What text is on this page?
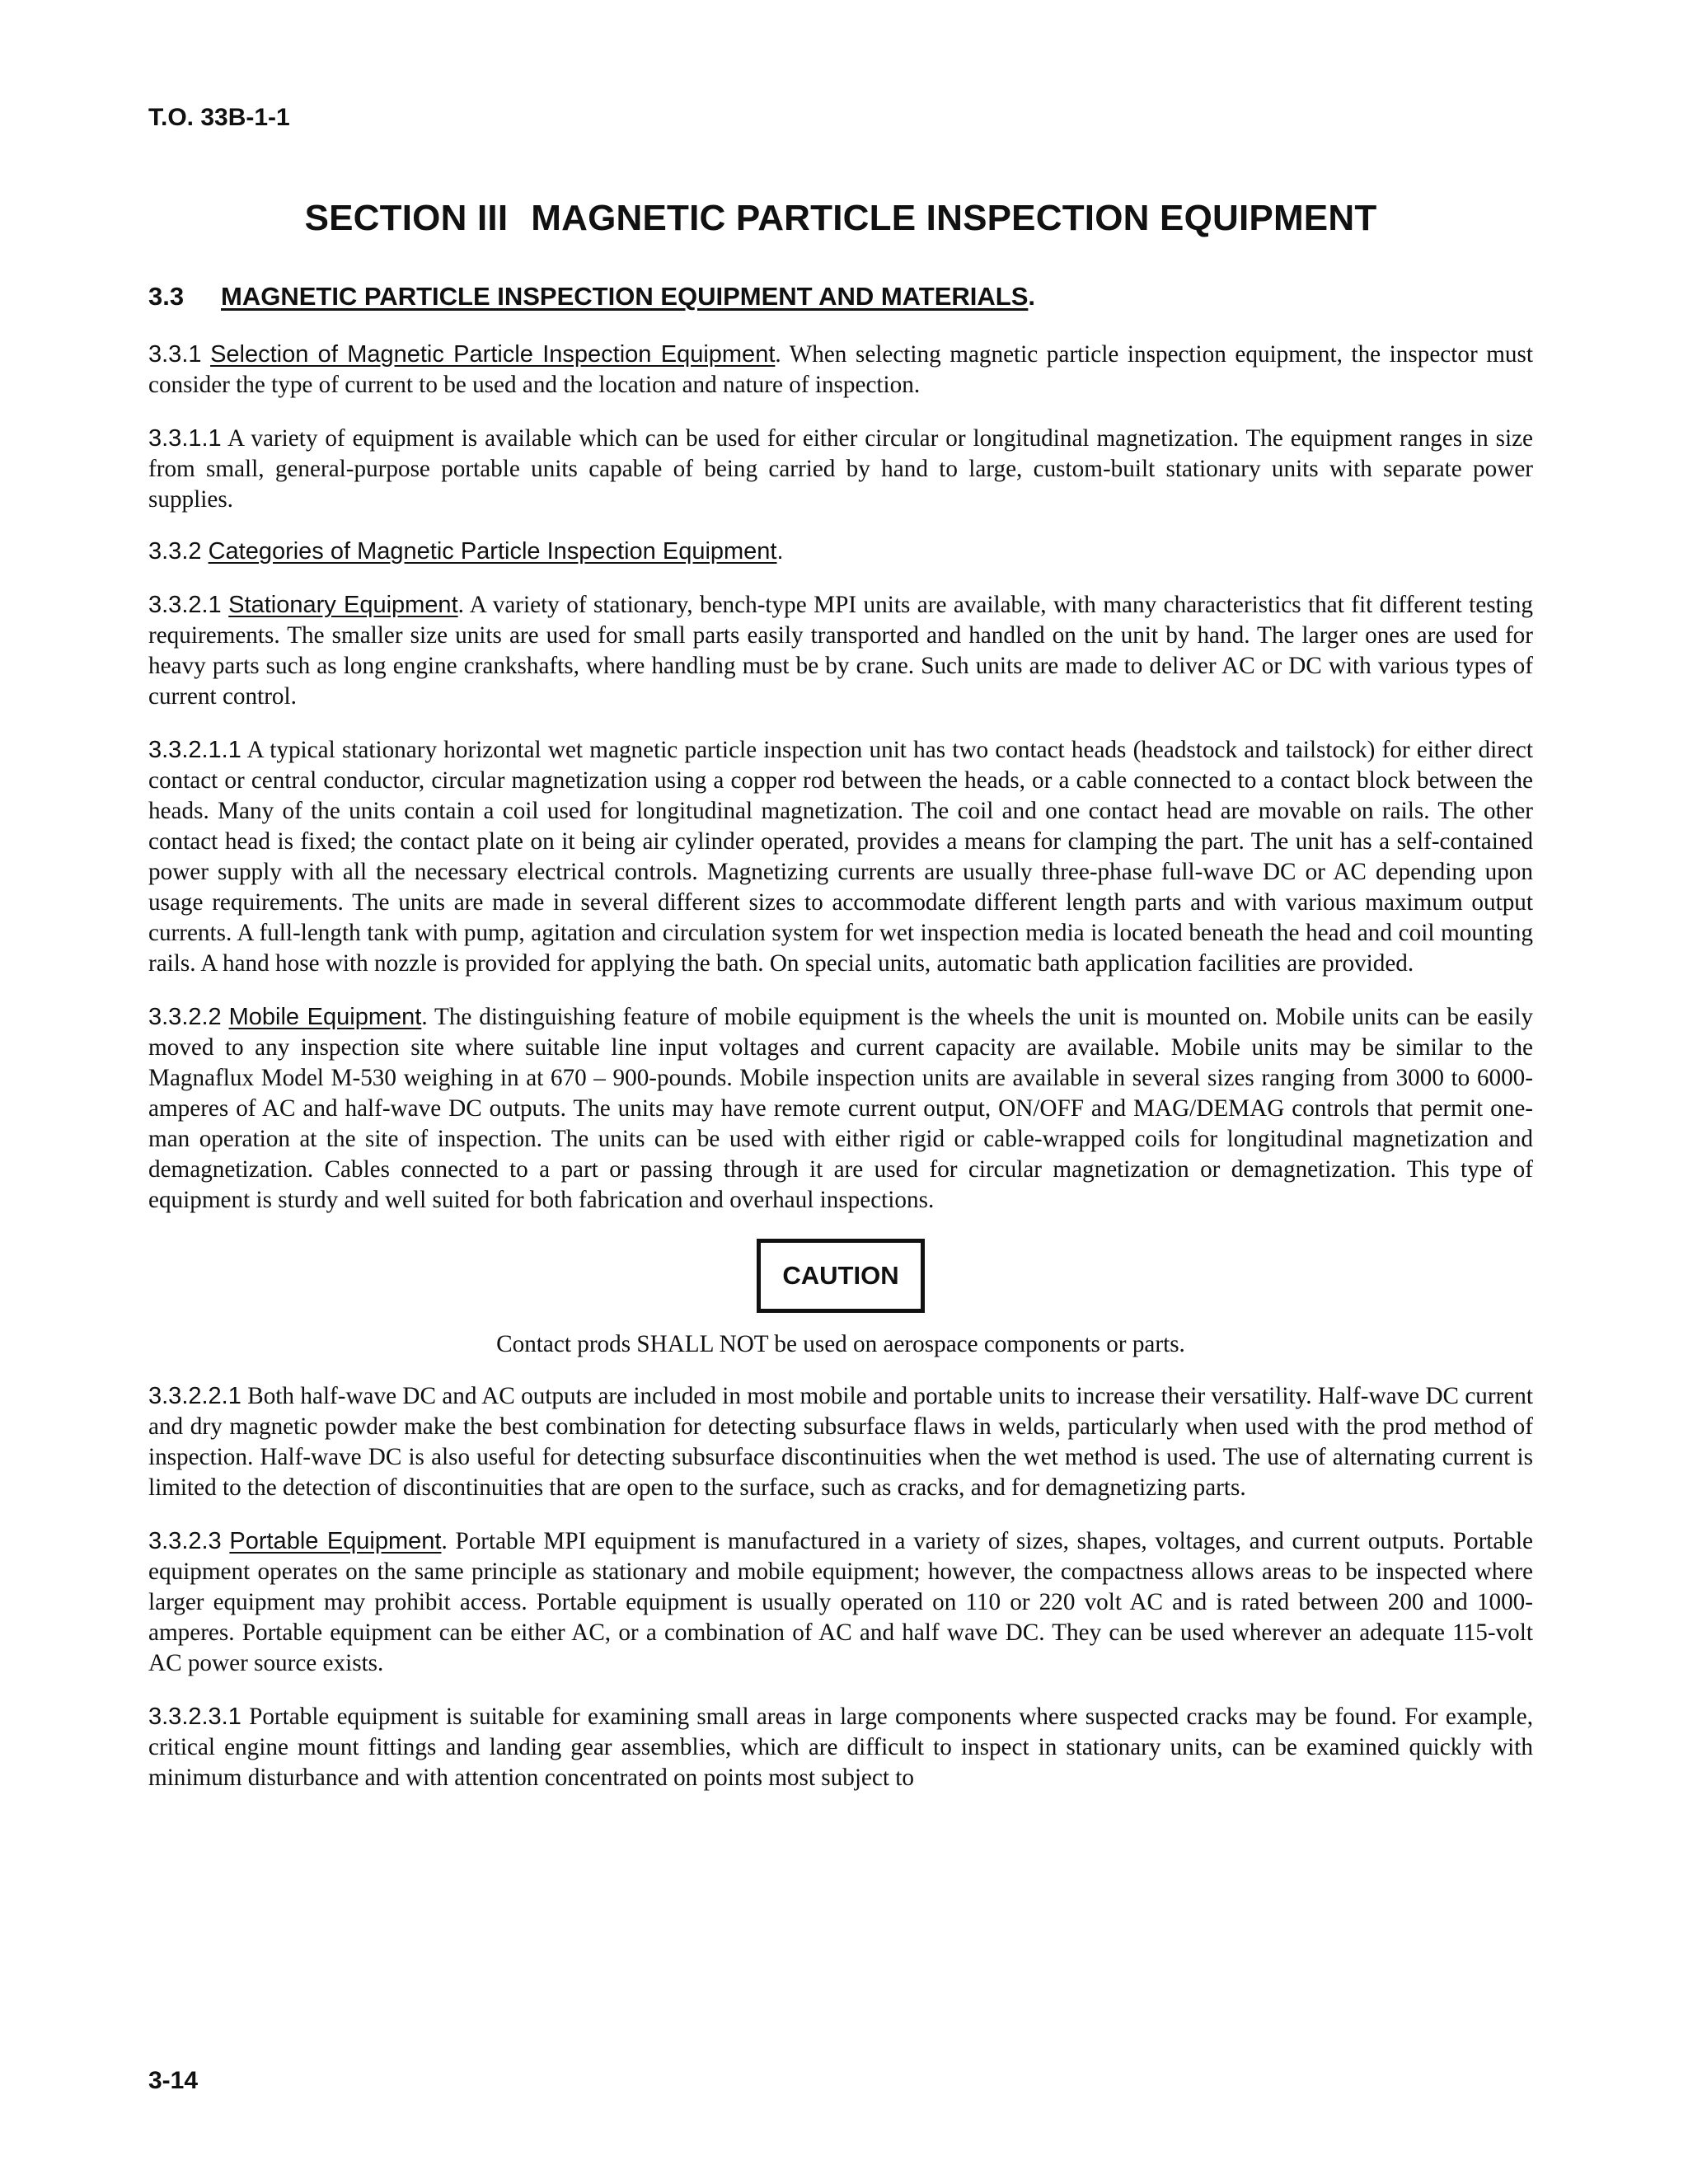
T.O. 33B-1-1
SECTION III MAGNETIC PARTICLE INSPECTION EQUIPMENT
3.3 MAGNETIC PARTICLE INSPECTION EQUIPMENT AND MATERIALS.

3.3.1 Selection of Magnetic Particle Inspection Equipment. When selecting magnetic particle inspection equipment, the inspector must consider the type of current to be used and the location and nature of inspection.

3.3.1.1 A variety of equipment is available which can be used for either circular or longitudinal magnetization. The equipment ranges in size from small, general-purpose portable units capable of being carried by hand to large, custom-built stationary units with separate power supplies.

3.3.2 Categories of Magnetic Particle Inspection Equipment.

3.3.2.1 Stationary Equipment. A variety of stationary, bench-type MPI units are available, with many characteristics that fit different testing requirements. The smaller size units are used for small parts easily transported and handled on the unit by hand. The larger ones are used for heavy parts such as long engine crankshafts, where handling must be by crane. Such units are made to deliver AC or DC with various types of current control.

3.3.2.1.1 A typical stationary horizontal wet magnetic particle inspection unit has two contact heads (headstock and tailstock) for either direct contact or central conductor, circular magnetization using a copper rod between the heads, or a cable connected to a contact block between the heads. Many of the units contain a coil used for longitudinal magnetization. The coil and one contact head are movable on rails. The other contact head is fixed; the contact plate on it being air cylinder operated, provides a means for clamping the part. The unit has a self-contained power supply with all the necessary electrical controls. Magnetizing currents are usually three-phase full-wave DC or AC depending upon usage requirements. The units are made in several different sizes to accommodate different length parts and with various maximum output currents. A full-length tank with pump, agitation and circulation system for wet inspection media is located beneath the head and coil mounting rails. A hand hose with nozzle is provided for applying the bath. On special units, automatic bath application facilities are provided.

3.3.2.2 Mobile Equipment. The distinguishing feature of mobile equipment is the wheels the unit is mounted on. Mobile units can be easily moved to any inspection site where suitable line input voltages and current capacity are available. Mobile units may be similar to the Magnaflux Model M-530 weighing in at 670 – 900-pounds. Mobile inspection units are available in several sizes ranging from 3000 to 6000-amperes of AC and half-wave DC outputs. The units may have remote current output, ON/OFF and MAG/DEMAG controls that permit one-man operation at the site of inspection. The units can be used with either rigid or cable-wrapped coils for longitudinal magnetization and demagnetization. Cables connected to a part or passing through it are used for circular magnetization or demagnetization. This type of equipment is sturdy and well suited for both fabrication and overhaul inspections.

CAUTION

Contact prods SHALL NOT be used on aerospace components or parts.

3.3.2.2.1 Both half-wave DC and AC outputs are included in most mobile and portable units to increase their versatility. Half-wave DC current and dry magnetic powder make the best combination for detecting subsurface flaws in welds, particularly when used with the prod method of inspection. Half-wave DC is also useful for detecting subsurface discontinuities when the wet method is used. The use of alternating current is limited to the detection of discontinuities that are open to the surface, such as cracks, and for demagnetizing parts.

3.3.2.3 Portable Equipment. Portable MPI equipment is manufactured in a variety of sizes, shapes, voltages, and current outputs. Portable equipment operates on the same principle as stationary and mobile equipment; however, the compactness allows areas to be inspected where larger equipment may prohibit access. Portable equipment is usually operated on 110 or 220 volt AC and is rated between 200 and 1000-amperes. Portable equipment can be either AC, or a combination of AC and half wave DC. They can be used wherever an adequate 115-volt AC power source exists.

3.3.2.3.1 Portable equipment is suitable for examining small areas in large components where suspected cracks may be found. For example, critical engine mount fittings and landing gear assemblies, which are difficult to inspect in stationary units, can be examined quickly with minimum disturbance and with attention concentrated on points most subject to

3-14
